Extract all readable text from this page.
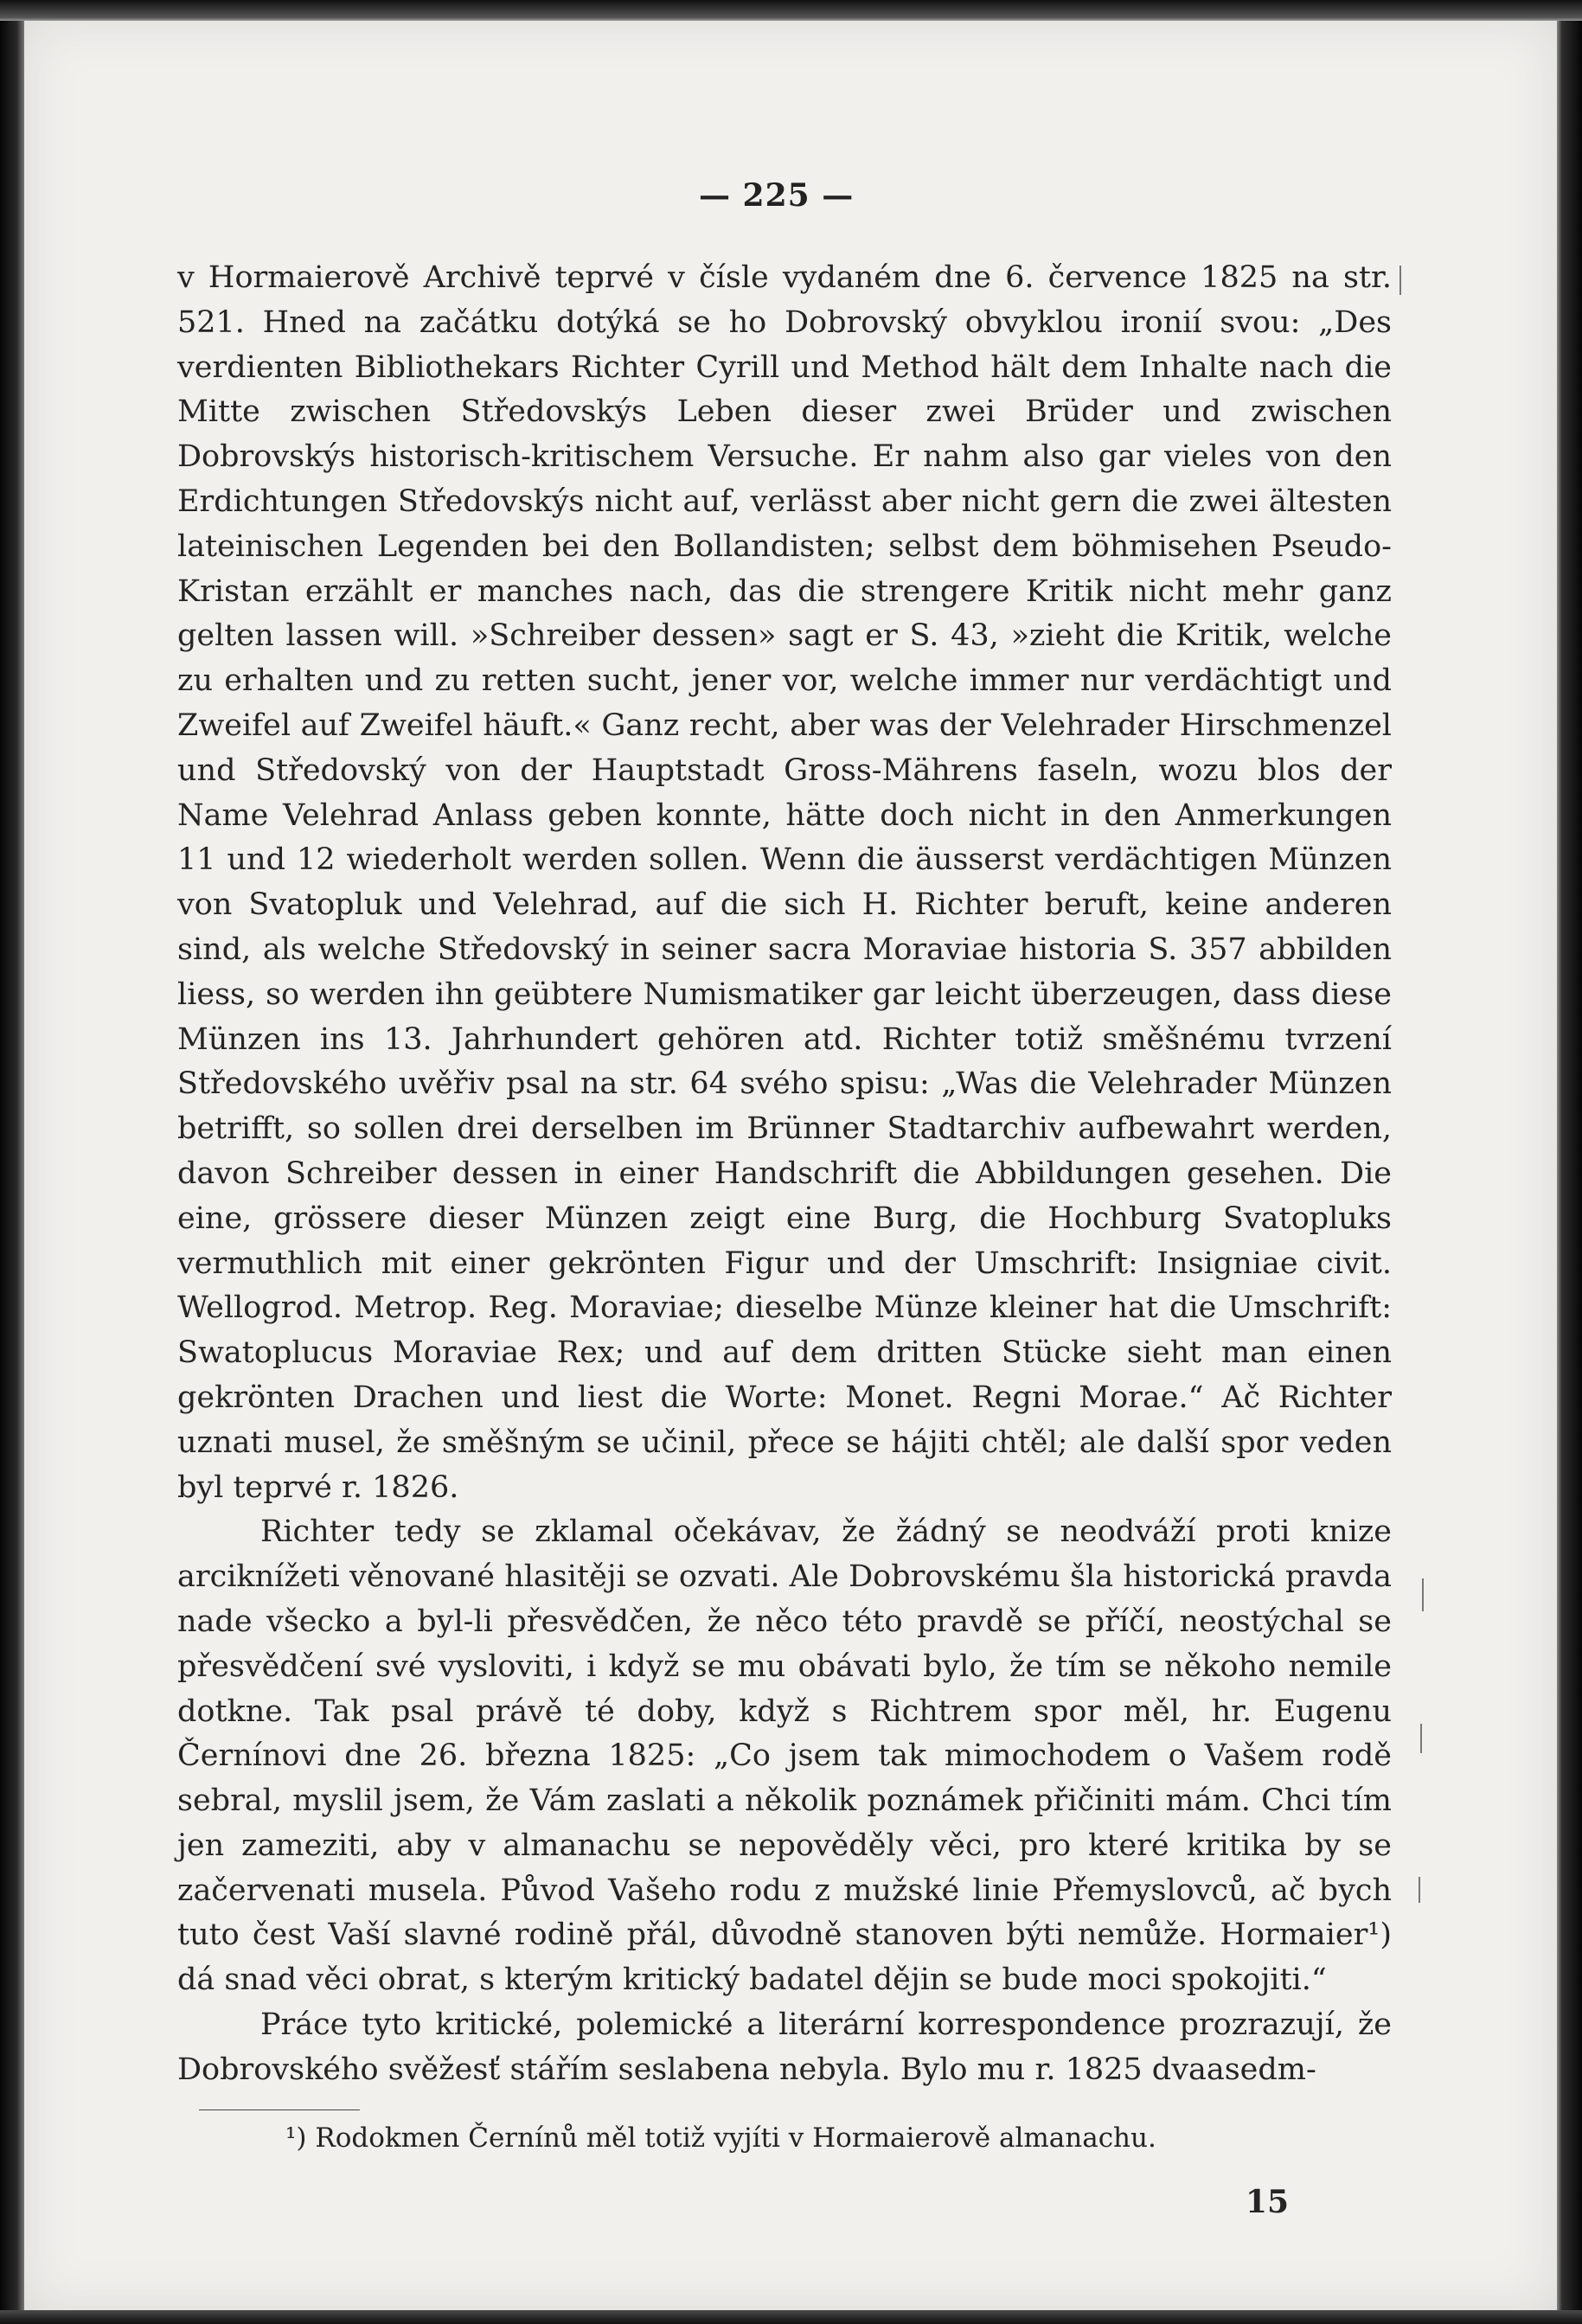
— 225 —

v Hormaierově Archivě teprvé v čísle vydaném dne 6. července 1825 na str. 521. Hned na začátku dotýká se ho Dobrovský obvyklou ironií svou: „Des verdienten Bibliothekars Richter Cyrill und Method hält dem Inhalte nach die Mitte zwischen Středovskýs Leben dieser zwei Brüder und zwischen Dobrovskýs historisch-kritischem Versuche. Er nahm also gar vieles von den Erdichtungen Středovskýs nicht auf, verlässt aber nicht gern die zwei ältesten lateinischen Legenden bei den Bollandisten; selbst dem böhmisehen Pseudo-Kristan erzählt er manches nach, das die strengere Kritik nicht mehr ganz gelten lassen will. »Schreiber dessen» sagt er S. 43, »zieht die Kritik, welche zu erhalten und zu retten sucht, jener vor, welche immer nur verdächtigt und Zweifel auf Zweifel häuft.« Ganz recht, aber was der Velehrader Hirschmenzel und Středovský von der Hauptstadt Gross-Mährens faseln, wozu blos der Name Velehrad Anlass geben konnte, hätte doch nicht in den Anmerkungen 11 und 12 wiederholt werden sollen. Wenn die äusserst verdächtigen Münzen von Svatopluk und Velehrad, auf die sich H. Richter beruft, keine anderen sind, als welche Středovský in seiner sacra Moraviae historia S. 357 abbilden liess, so werden ihn geübtere Numismatiker gar leicht überzeugen, dass diese Münzen ins 13. Jahrhundert gehören atd. Richter totiž směšnému tvrzení Středovského uvěřiv psal na str. 64 svého spisu: „Was die Velehrader Münzen betrifft, so sollen drei derselben im Brünner Stadtarchiv aufbewahrt werden, davon Schreiber dessen in einer Handschrift die Abbildungen gesehen. Die eine, grössere dieser Münzen zeigt eine Burg, die Hochburg Svatopluks vermuthlich mit einer gekrönten Figur und der Umschrift: Insigniae civit. Wellogrod. Metrop. Reg. Moraviae; dieselbe Münze kleiner hat die Umschrift: Swatoplucus Moraviae Rex; und auf dem dritten Stücke sieht man einen gekrönten Drachen und liest die Worte: Monet. Regni Morae.“ Ač Richter uznati musel, že směšným se učinil, přece se hájiti chtěl; ale další spor veden byl teprvé r. 1826.

Richter tedy se zklamal očekávav, že žádný se neodváží proti knize arciknížeti věnované hlasitěji se ozvati. Ale Dobrovskému šla historická pravda nade všecko a byl-li přesvědčen, že něco této pravdě se příčí, neostýchal se přesvědčení své vysloviti, i když se mu obávati bylo, že tím se někoho nemile dotkne. Tak psal právě té doby, když s Richtrem spor měl, hr. Eugenu Černínovi dne 26. března 1825: „Co jsem tak mimochodem o Vašem rodě sebral, myslil jsem, že Vám zaslati a několik poznámek přičiniti mám. Chci tím jen zameziti, aby v almanachu se nepověděly věci, pro které kritika by se začervenati musela. Původ Vašeho rodu z mužské linie Přemyslovců, ač bych tuto čest Vaší slavné rodině přál, důvodně stanoven býti nemůže. Hormaier¹) dá snad věci obrat, s kterým kritický badatel dějin se bude moci spokojiti.“

Práce tyto kritické, polemické a literární korrespondence prozrazují, že Dobrovského svěžesť stářím seslabena nebyla. Bylo mu r. 1825 dvaasedm-

¹) Rodokmen Černínů měl totiž vyjíti v Hormaierově almanachu.
15
